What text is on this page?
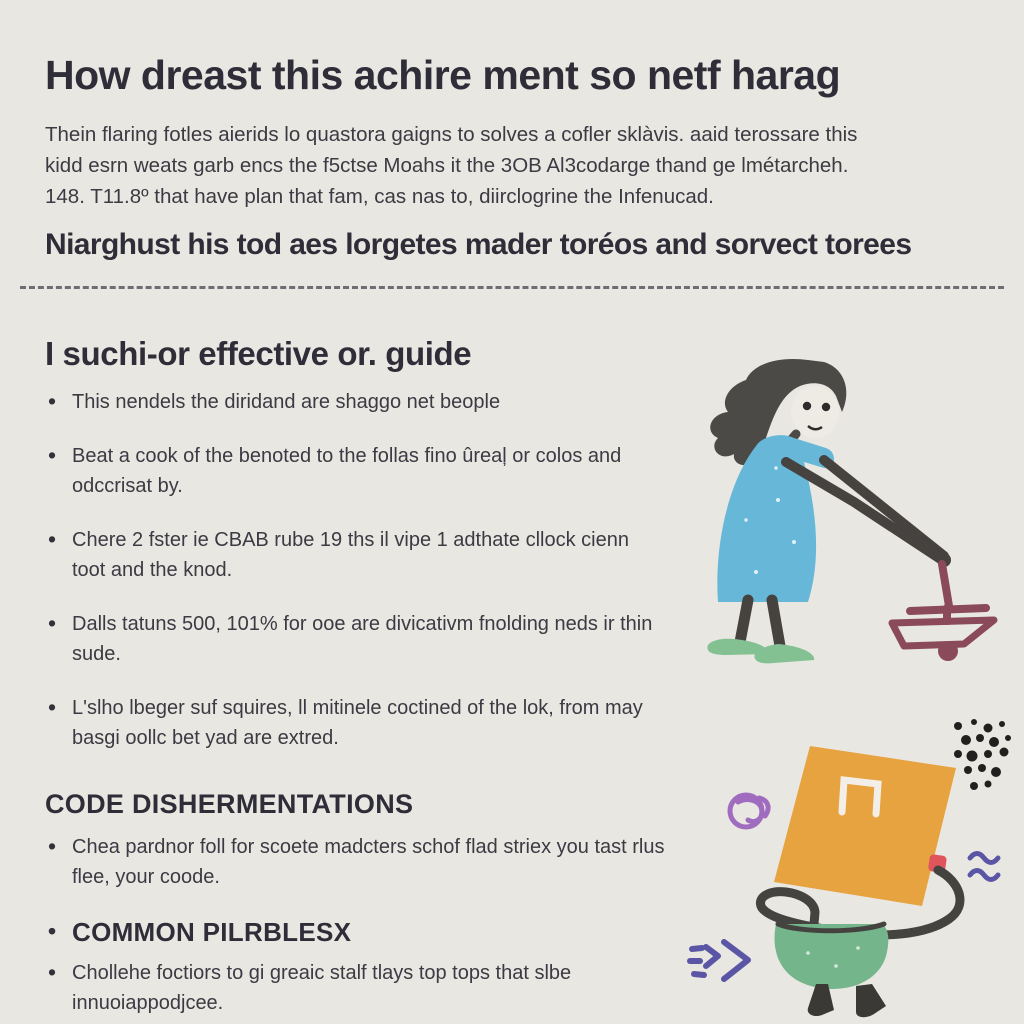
How dreast this achire ment so netf harag
Thein flaring fotles aierids lo quastora gaigns to solves a cofler sklàvis. aaid terossare this
kidd esrn weats garb encs the f5ctse Moahs it the 3OB Al3codarge thand ge lmétarcheh.
148. T11.8º that have plan that fam, cas nas to, diirclogrine the Infenucad.
Niarghust his tod aes lorgetes mader toréos and sorvect torees
I suchi-or effective or. guide
• This nendels the diridand are shaggo net beople
• Beat a cook of the benoted to the follas fino ûreaļ or colos and odccrisat by.
• Chere 2 fster ie CBAB rube 19 ths il vipe 1 adthate cllock cienn toot and the knod.
• Dalls tatuns 500, 101% for ooe are divicativm fnolding neds ir thin sude.
• L'slho lbeger suf squires, ll mitinele coctined of the lok, from may basgi oollc bet yad are extred.
CODE DISHERMENTATIONS
• Chea pardnor foll for scoete madcters schof flad striex you tast rlus flee, your coode.
• COMMON PILRBLESX
• Chollehe foctiors to gi greaic stalf tlays top tops that slbe innuoiappodjcee.
